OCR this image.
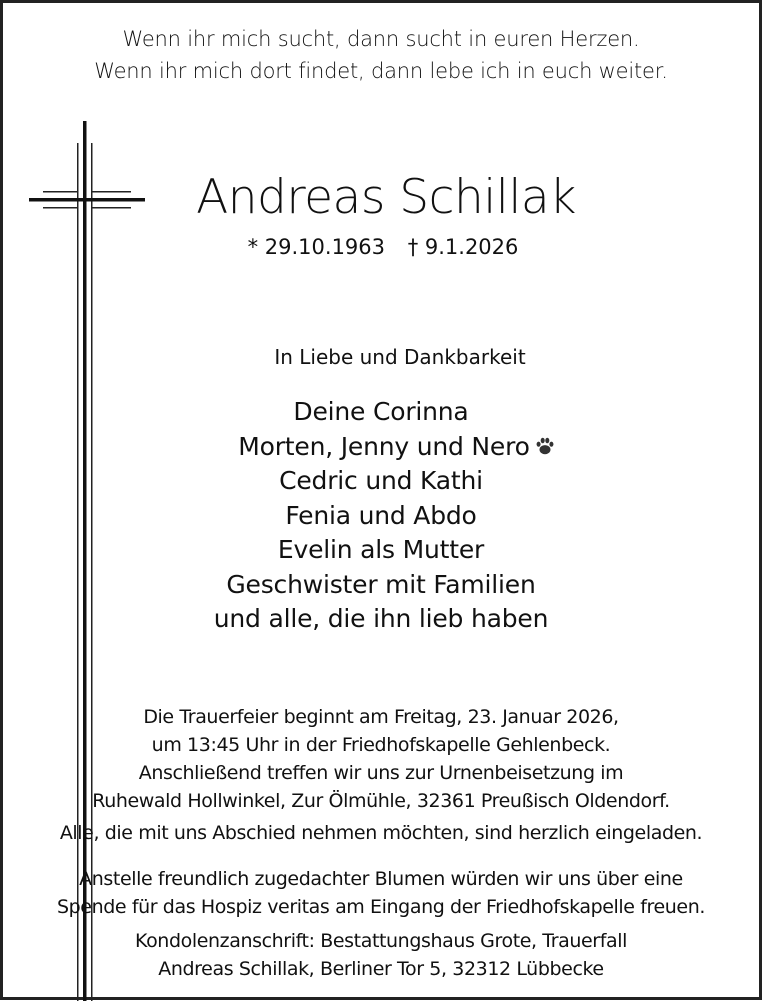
Wenn ihr mich sucht, dann sucht in euren Herzen.
Wenn ihr mich dort findet, dann lebe ich in euch weiter.
Andreas Schillak
* 29.10.1963 † 9.1.2026
In Liebe und Dankbarkeit
Deine Corinna
Morten, Jenny und Nero
Cedric und Kathi
Fenia und Abdo
Evelin als Mutter
Geschwister mit Familien
und alle, die ihn lieb haben
Die Trauerfeier beginnt am Freitag, 23. Januar 2026,
um 13:45 Uhr in der Friedhofskapelle Gehlenbeck.
Anschließend treffen wir uns zur Urnenbeisetzung im
Ruhewald Hollwinkel, Zur Ölmühle, 32361 Preußisch Oldendorf.
Alle, die mit uns Abschied nehmen möchten, sind herzlich eingeladen.
Anstelle freundlich zugedachter Blumen würden wir uns über eine
Spende für das Hospiz veritas am Eingang der Friedhofskapelle freuen.
Kondolenzanschrift: Bestattungshaus Grote, Trauerfall
Andreas Schillak, Berliner Tor 5, 32312 Lübbecke
